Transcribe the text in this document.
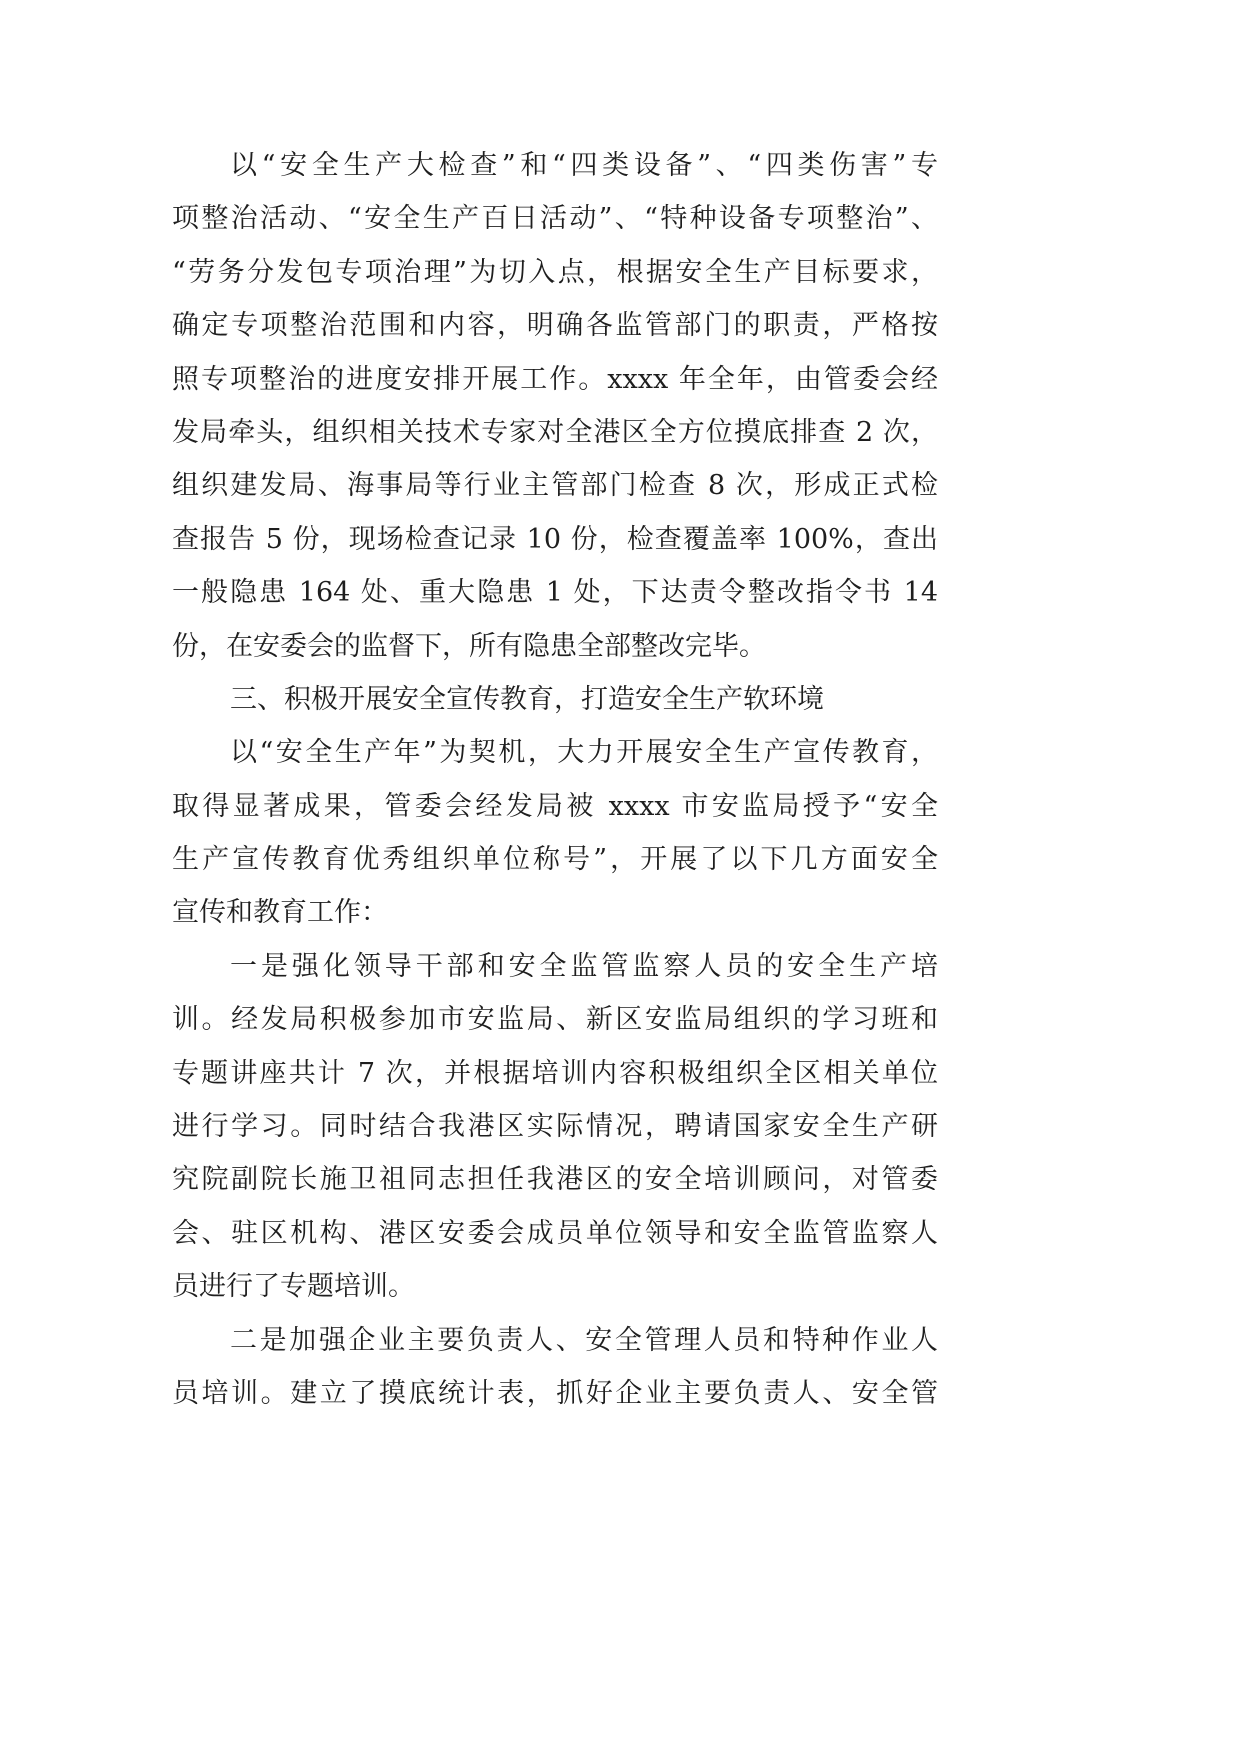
以“安全生产大检查”和“四类设备”、“四类伤害”专
项整治活动、“安全生产百日活动”、“特种设备专项整治”、
“劳务分发包专项治理”为切入点，根据安全生产目标要求，
确定专项整治范围和内容，明确各监管部门的职责，严格按
照专项整治的进度安排开展工作。xxxx 年全年，由管委会经
发局牵头，组织相关技术专家对全港区全方位摸底排查 2 次，
组织建发局、海事局等行业主管部门检查 8 次，形成正式检
查报告 5 份，现场检查记录 10 份，检查覆盖率 100%，查出
一般隐患 164 处、重大隐患 1 处，下达责令整改指令书 14
份，在安委会的监督下，所有隐患全部整改完毕。
三、积极开展安全宣传教育，打造安全生产软环境
以“安全生产年”为契机，大力开展安全生产宣传教育，
取得显著成果，管委会经发局被 xxxx 市安监局授予“安全
生产宣传教育优秀组织单位称号”，开展了以下几方面安全
宣传和教育工作：
一是强化领导干部和安全监管监察人员的安全生产培
训。经发局积极参加市安监局、新区安监局组织的学习班和
专题讲座共计 7 次，并根据培训内容积极组织全区相关单位
进行学习。同时结合我港区实际情况，聘请国家安全生产研
究院副院长施卫祖同志担任我港区的安全培训顾问，对管委
会、驻区机构、港区安委会成员单位领导和安全监管监察人
员进行了专题培训。
二是加强企业主要负责人、安全管理人员和特种作业人
员培训。建立了摸底统计表，抓好企业主要负责人、安全管
